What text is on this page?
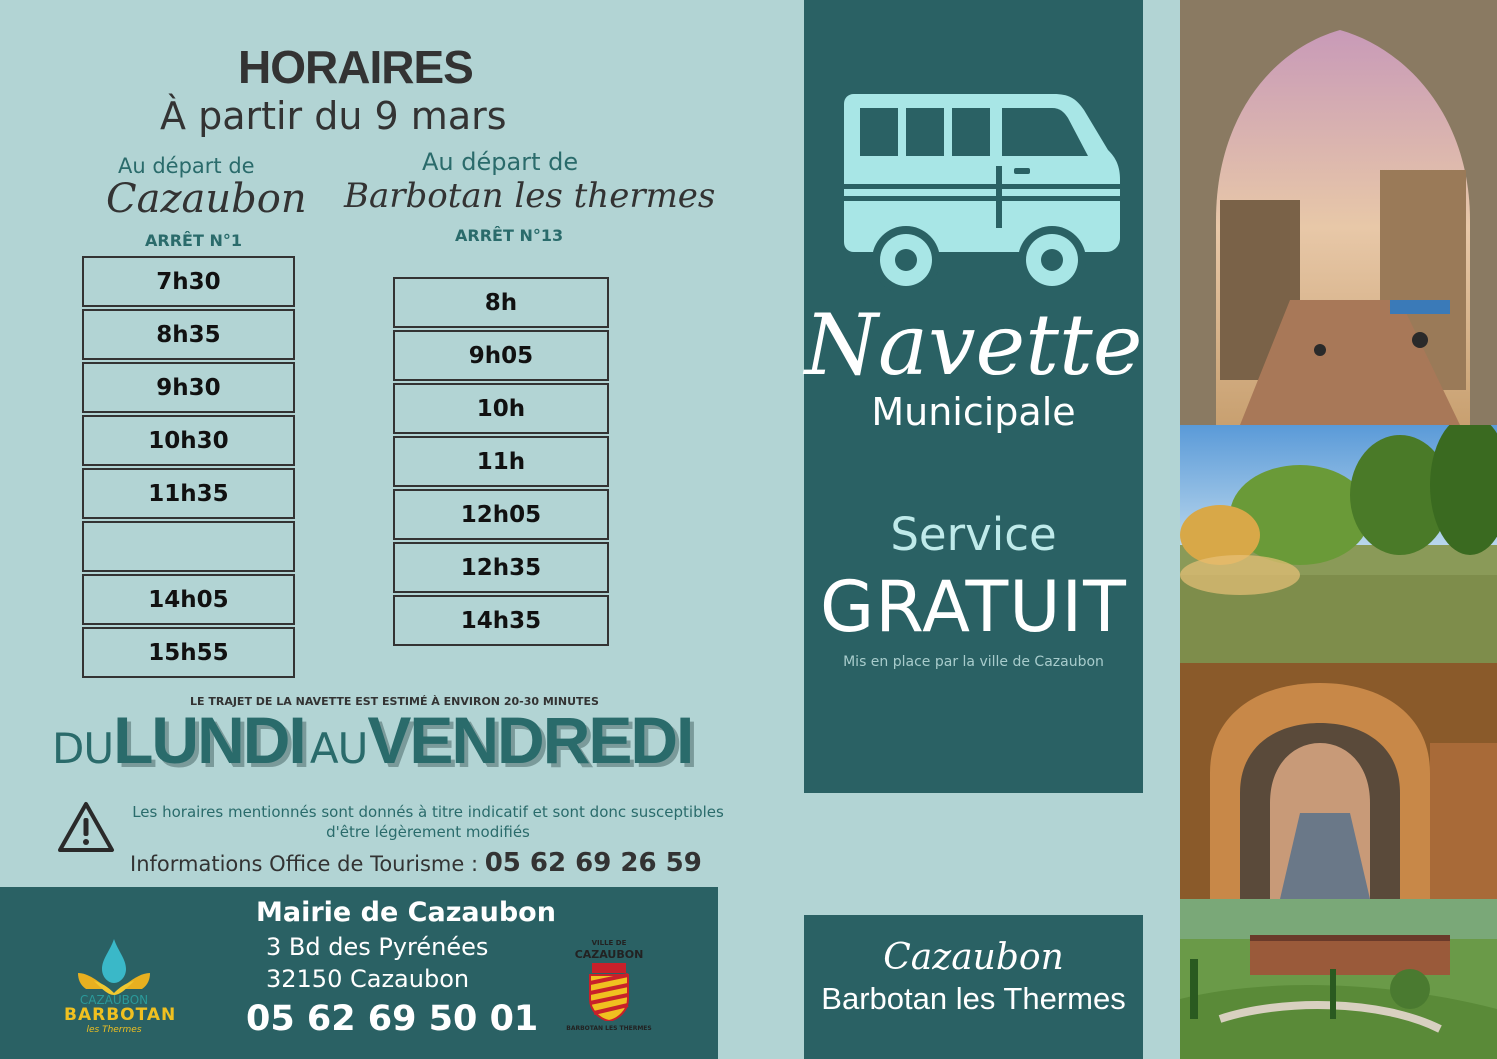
HORAIRES
À partir du 9 mars
Au départ de
Cazaubon
ARRÊT N°1
Au départ de
Barbotan les thermes
ARRÊT N°13
7h30
8h35
9h30
10h30
11h35
14h05
15h55
8h
9h05
10h
11h
12h05
12h35
14h35
LE TRAJET DE LA NAVETTE EST ESTIMÉ À ENVIRON 20-30 MINUTES
DULUNDI AUVENDREDI
Les horaires mentionnés sont donnés à titre indicatif et sont donc susceptibles
d'être légèrement modifiés
Informations Office de Tourisme : 05 62 69 26 59
CAZAUBON
BARBOTAN
les Thermes
Mairie de Cazaubon
3 Bd des Pyrénées
32150 Cazaubon
05 62 69 50 01
VILLE DE
CAZAUBON
BARBOTAN LES THERMES
Navette
Municipale
Service
GRATUIT
Mis en place par la ville de Cazaubon
Cazaubon
Barbotan les Thermes
